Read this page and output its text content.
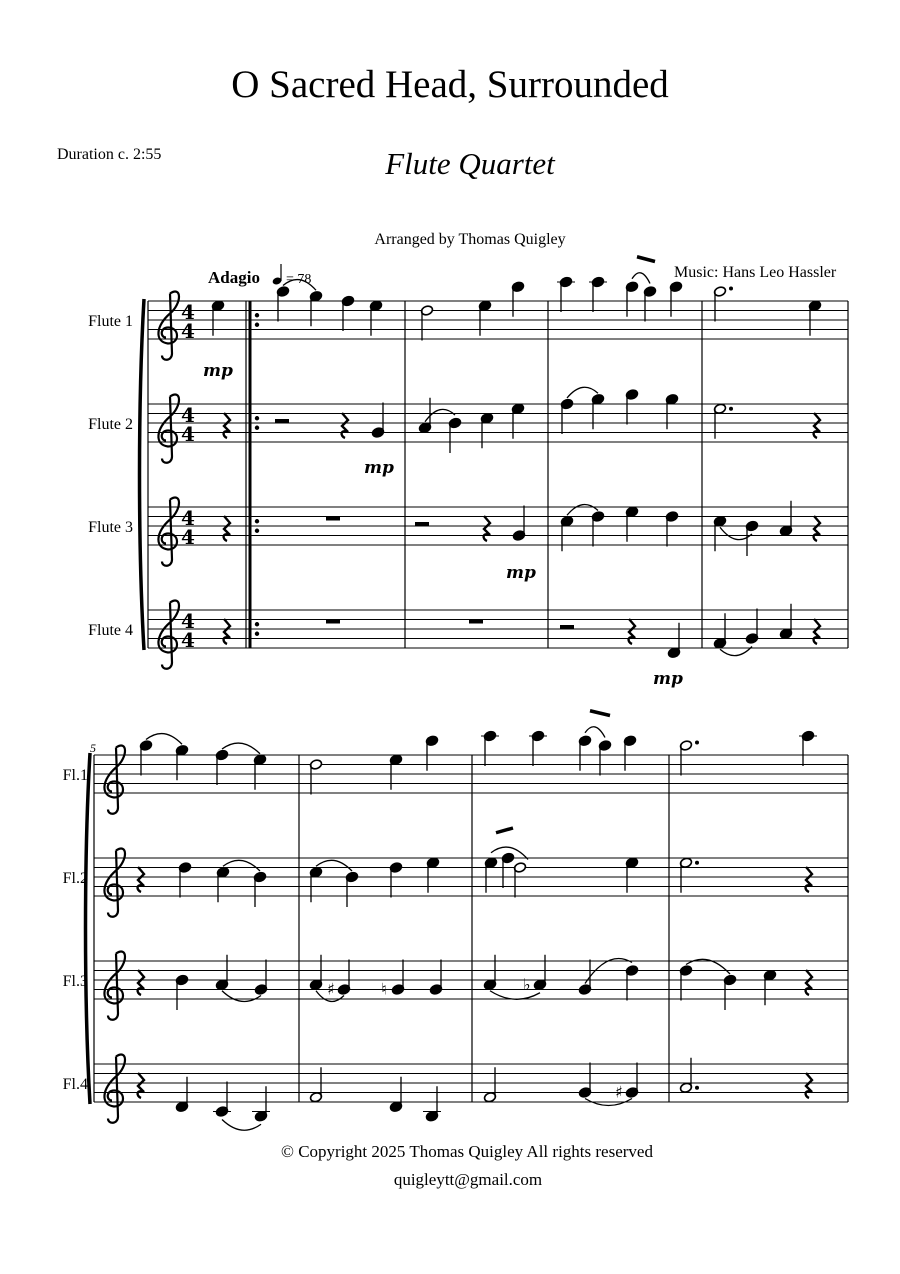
O Sacred Head, Surrounded
Duration c. 2:55	Flute Quartet
Arranged by Thomas Quigley
Music: Hans Leo Hassler
♯	♮	♭
♯
4
4
Flute 1
4
4
Flute 2
4
4
Flute 3
4
4
Flute 4
Adagio = 78
mp
mp
mp
mp
Fl.1
Fl.2
Fl.3
Fl.4
5
© Copyright 2025 Thomas Quigley All rights reserved
quigleytt@gmail.com
